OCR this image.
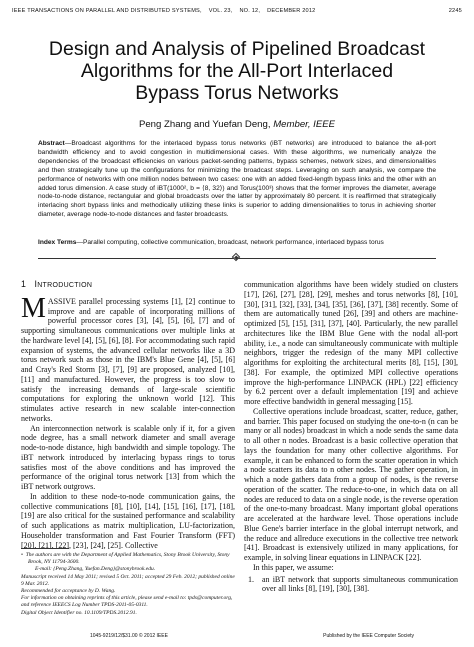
IEEE TRANSACTIONS ON PARALLEL AND DISTRIBUTED SYSTEMS,    VOL. 23,    NO. 12,    DECEMBER 2012	2245
Design and Analysis of Pipelined Broadcast
Algorithms for the All-Port Interlaced
Bypass Torus Networks
Peng Zhang and Yuefan Deng, Member, IEEE
Abstract—Broadcast algorithms for the interlaced bypass torus networks (iBT networks) are introduced to balance the all-port bandwidth efficiency and to avoid congestion in multidimensional cases. With these algorithms, we numerically analyze the dependencies of the broadcast efficiencies on various packet-sending patterns, bypass schemes, network sizes, and dimensionalities and then strategically tune up the configurations for minimizing the broadcast steps. Leveraging on such analysis, we compare the performance of networks with one million nodes between two cases: one with an added fixed-length bypass links and the other with an added torus dimension. A case study of iBT(1000², b = ⟨8, 32⟩) and Torus(100³) shows that the former improves the diameter, average node-to-node distance, rectangular and global broadcasts over the latter by approximately 80 percent. It is reaffirmed that strategically interlacing short bypass links and methodically utilizing these links is superior to adding dimensionalities to torus in achieving shorter diameter, average node-to-node distances and faster broadcasts.
Index Terms—Parallel computing, collective communication, broadcast, network performance, interlaced bypass torus
1 INTRODUCTION

MASSIVE parallel processing systems [1], [2] continue to improve and are capable of incorporating millions of powerful processor cores [3], [4], [5], [6], [7] and of supporting simultaneous communications over multiple links at the hardware level [4], [5], [6], [8]. For accommodating such rapid expansion of systems, the advanced cellular networks like a 3D torus network such as those in the IBM's Blue Gene [4], [5], [6] and Cray's Red Storm [3], [7], [9] are proposed, analyzed [10], [11] and manufactured. However, the progress is too slow to satisfy the increasing demands of large-scale scientific computations for exploring the unknown world [12]. This stimulates active research in new scalable inter-connection networks.

An interconnection network is scalable only if it, for a given node degree, has a small network diameter and small average node-to-node distance, high bandwidth and simple topology. The iBT network introduced by interlacing bypass rings to torus satisfies most of the above conditions and has improved the performance of the original torus network [13] from which the iBT network outgrows.

In addition to these node-to-node communication gains, the collective communications [8], [10], [14], [15], [16], [17], [18], [19] are also critical for the sustained performance and scalability of such applications as matrix multiplication, LU-factorization, Householder transformation and Fast Fourier Transform (FFT) [20], [21], [22], [23], [24], [25]. Collective

•  The authors are with the Department of Applied Mathematics, Stony Brook University, Stony Brook, NY 11794-3600.
E-mail: {Peng.Zhang, Yuefan.Deng}@stonybrook.edu.
Manuscript received 14 May 2011; revised 5 Oct. 2011; accepted 29 Feb. 2012; published online 9 Mar. 2012.
Recommended for acceptance by D. Wang.
For information on obtaining reprints of this article, please send e-mail to: tpds@computer.org, and reference IEEECS Log Number TPDS-2011-05-0311.
Digital Object Identifier no. 10.1109/TPDS.2012.91.

communication algorithms have been widely studied on clusters [17], [26], [27], [28], [29], meshes and torus networks [8], [10], [30], [31], [32], [33], [34], [35], [36], [37], [38] recently. Some of them are automatically tuned [26], [39] and others are machine-optimized [5], [15], [31], [37], [40]. Particularly, the new parallel architectures like the IBM Blue Gene with the nodal all-port ability, i.e., a node can simultaneously communicate with multiple neighbors, trigger the redesign of the many MPI collective algorithms for exploiting the architectural merits [8], [15], [30], [38]. For example, the optimized MPI collective operations improve the high-performance LINPACK (HPL) [22] efficiency by 6.2 percent over a default implementation [19] and achieve more effective bandwidth in general messaging [15].

Collective operations include broadcast, scatter, reduce, gather, and barrier. This paper focused on studying the one-to-n (n can be many or all nodes) broadcast in which a node sends the same data to all other n nodes. Broadcast is a basic collective operation that lays the foundation for many other collective algorithms. For example, it can be enhanced to form the scatter operation in which a node scatters its data to n other nodes. The gather operation, in which a node gathers data from a group of nodes, is the reverse operation of the scatter. The reduce-to-one, in which data on all nodes are reduced to data on a single node, is the reverse operation of the one-to-many broadcast. Many important global operations are accelerated at the hardware level. Those operations include Blue Gene's barrier interface in the global interrupt network, and the reduce and allreduce executions in the collective tree network [41]. Broadcast is extensively utilized in many applications, for example, in solving linear equations in LINPACK [22].

In this paper, we assume:

1.	an iBT network that supports simultaneous communication over all links [8], [19], [30], [38].
1045-9219/12/$31.00 © 2012 IEEE	Published by the IEEE Computer Society
